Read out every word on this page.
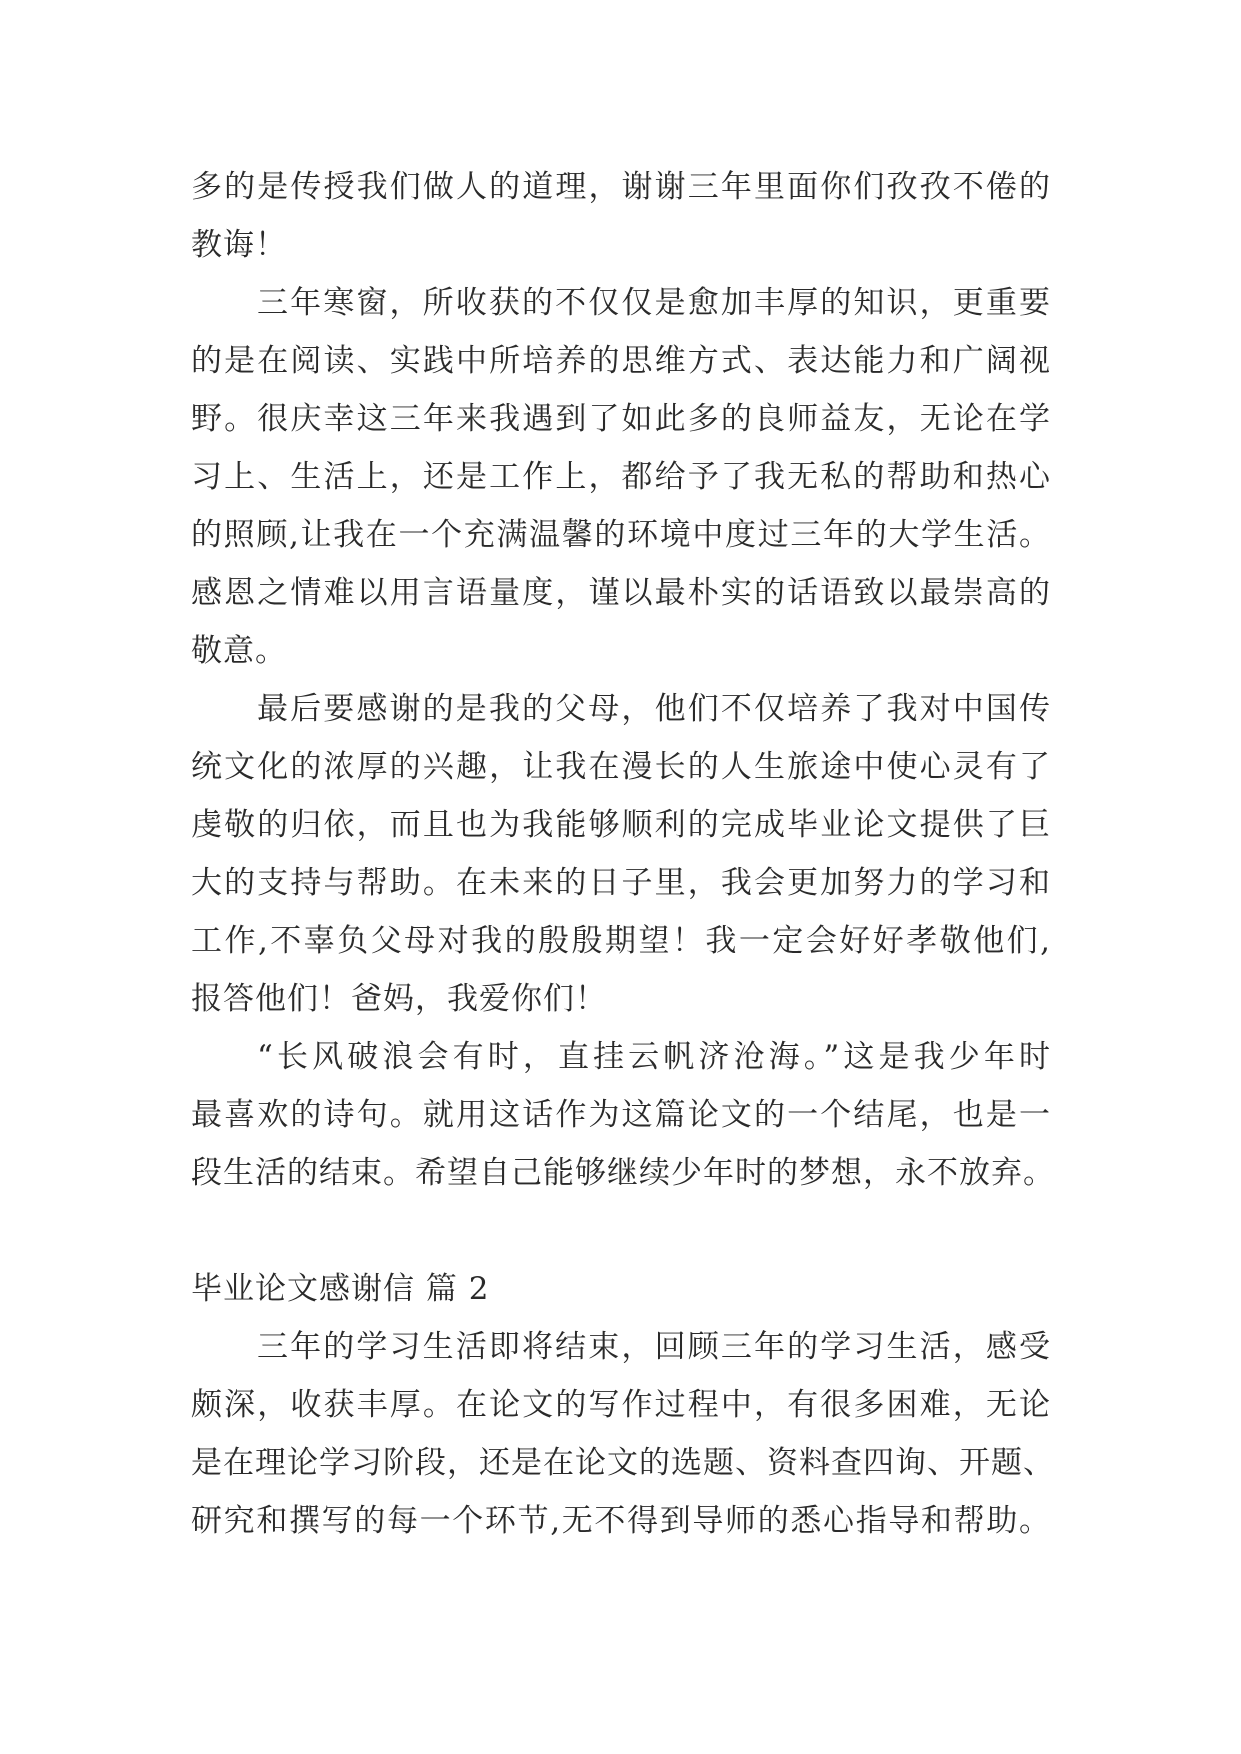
多的是传授我们做人的道理，谢谢三年里面你们孜孜不倦的
教诲！
三年寒窗，所收获的不仅仅是愈加丰厚的知识，更重要
的是在阅读、实践中所培养的思维方式、表达能力和广阔视
野。很庆幸这三年来我遇到了如此多的良师益友，无论在学
习上、生活上，还是工作上，都给予了我无私的帮助和热心
的照顾,让我在一个充满温馨的环境中度过三年的大学生活。
感恩之情难以用言语量度，谨以最朴实的话语致以最崇高的
敬意。
最后要感谢的是我的父母，他们不仅培养了我对中国传
统文化的浓厚的兴趣，让我在漫长的人生旅途中使心灵有了
虔敬的归依，而且也为我能够顺利的完成毕业论文提供了巨
大的支持与帮助。在未来的日子里，我会更加努力的学习和
工作,不辜负父母对我的殷殷期望！我一定会好好孝敬他们,
报答他们！爸妈，我爱你们！
“长风破浪会有时，直挂云帆济沧海。”这是我少年时
最喜欢的诗句。就用这话作为这篇论文的一个结尾，也是一
段生活的结束。希望自己能够继续少年时的梦想，永不放弃。
毕业论文感谢信 篇 2
三年的学习生活即将结束，回顾三年的学习生活，感受
颇深，收获丰厚。在论文的写作过程中，有很多困难，无论
是在理论学习阶段，还是在论文的选题、资料查四询、开题、
研究和撰写的每一个环节,无不得到导师的悉心指导和帮助。
